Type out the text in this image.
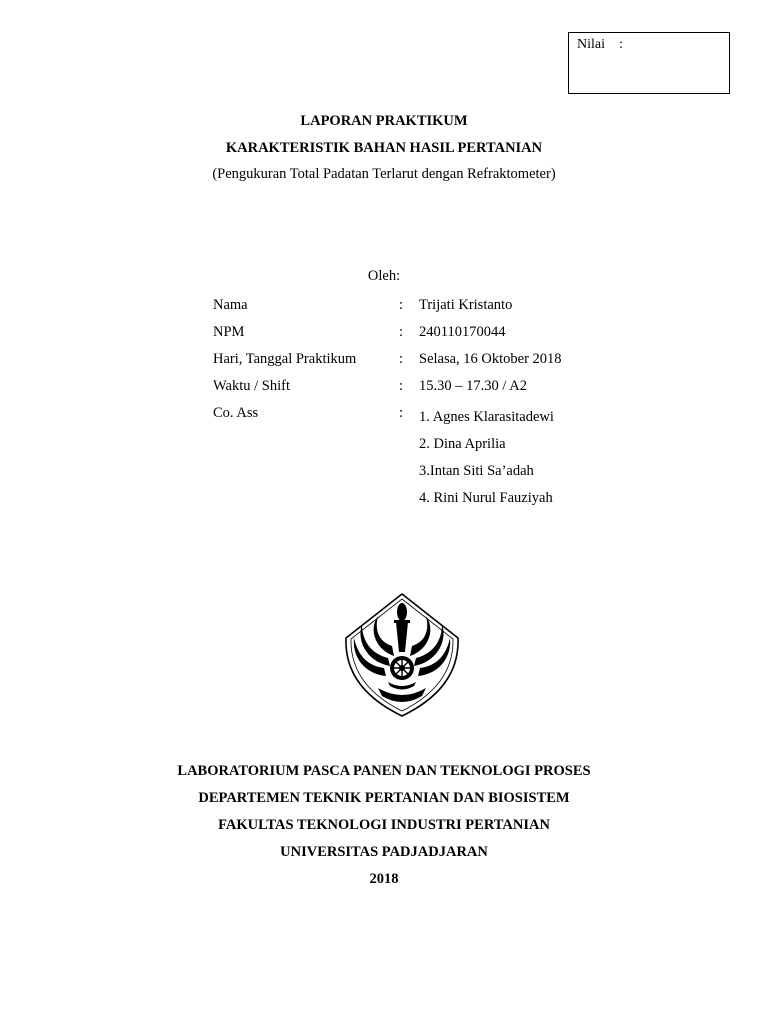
Nilai :
LAPORAN PRAKTIKUM
KARAKTERISTIK BAHAN HASIL PERTANIAN
(Pengukuran Total Padatan Terlarut dengan Refraktometer)
Oleh:
Nama	: Trijati Kristanto
NPM	: 240110170044
Hari, Tanggal Praktikum	: Selasa, 16 Oktober 2018
Waktu / Shift	: 15.30 – 17.30 / A2
Co. Ass	: 1. Agnes Klarasitadewi
2. Dina Aprilia
3.Intan Siti Sa’adah
4. Rini Nurul Fauziyah
LABORATORIUM PASCA PANEN DAN TEKNOLOGI PROSES
DEPARTEMEN TEKNIK PERTANIAN DAN BIOSISTEM
FAKULTAS TEKNOLOGI INDUSTRI PERTANIAN
UNIVERSITAS PADJADJARAN
2018
